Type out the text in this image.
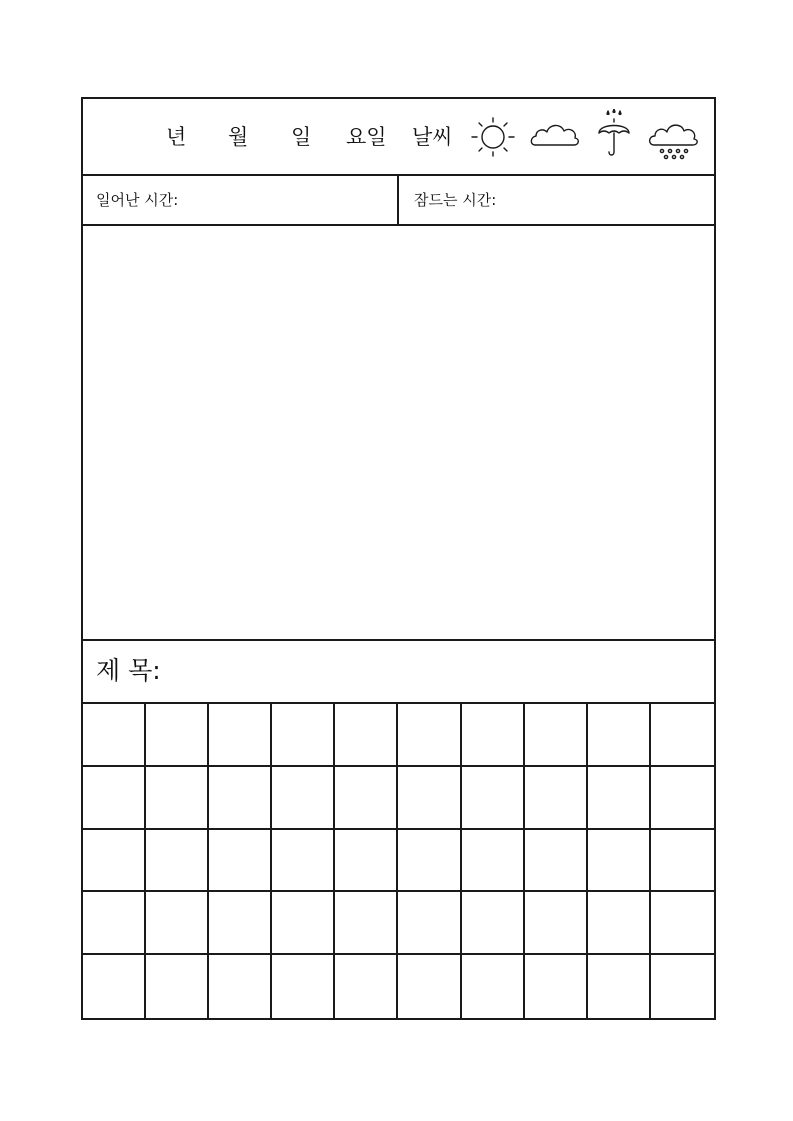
년 월 일 요일 날씨
일어난 시간:	잠드는 시간:
제 목:
